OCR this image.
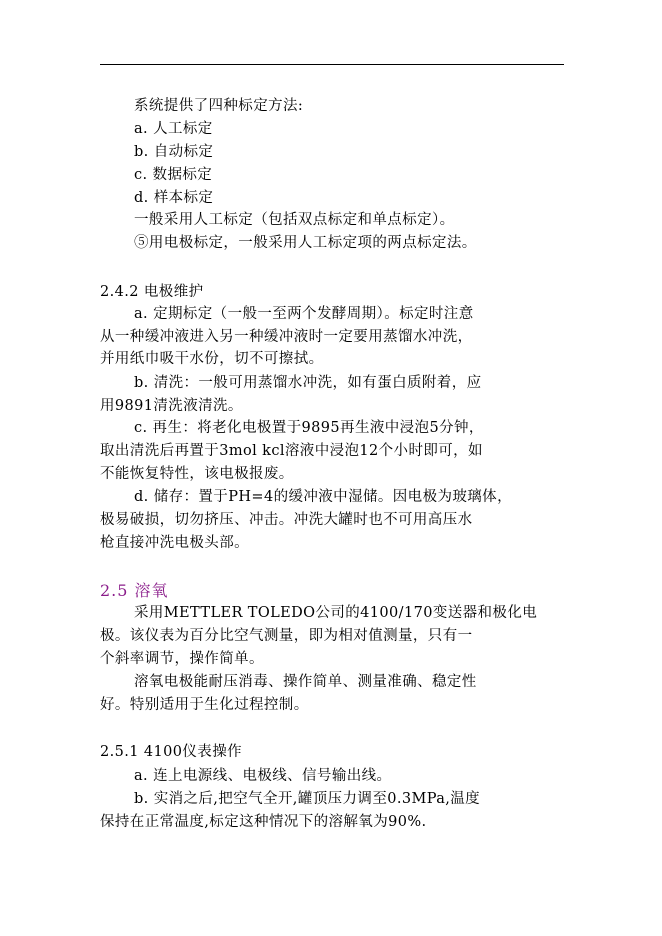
系统提供了四种标定方法:
a. 人工标定
b. 自动标定
c. 数据标定
d. 样本标定
一般采用人工标定（包括双点标定和单点标定）。
⑤用电极标定，一般采用人工标定项的两点标定法。
2.4.2 电极维护
a. 定期标定（一般一至两个发酵周期）。标定时注意
从一种缓冲液进入另一种缓冲液时一定要用蒸馏水冲洗，
并用纸巾吸干水份，切不可擦拭。
b. 清洗：一般可用蒸馏水冲洗，如有蛋白质附着，应
用9891清洗液清洗。
c. 再生：将老化电极置于9895再生液中浸泡5分钟，
取出清洗后再置于3mol kcl溶液中浸泡12个小时即可，如
不能恢复特性，该电极报废。
d. 储存：置于PH=4的缓冲液中湿储。因电极为玻璃体，
极易破损，切勿挤压、冲击。冲洗大罐时也不可用高压水
枪直接冲洗电极头部。
2.5 溶氧
采用METTLER TOLEDO公司的4100/170变送器和极化电
极。该仪表为百分比空气测量，即为相对值测量，只有一
个斜率调节，操作简单。
溶氧电极能耐压消毒、操作简单、测量准确、稳定性
好。特别适用于生化过程控制。
2.5.1 4100仪表操作
a. 连上电源线、电极线、信号输出线。
b. 实消之后,把空气全开,罐顶压力调至0.3MPa,温度
保持在正常温度,标定这种情况下的溶解氧为90%.
